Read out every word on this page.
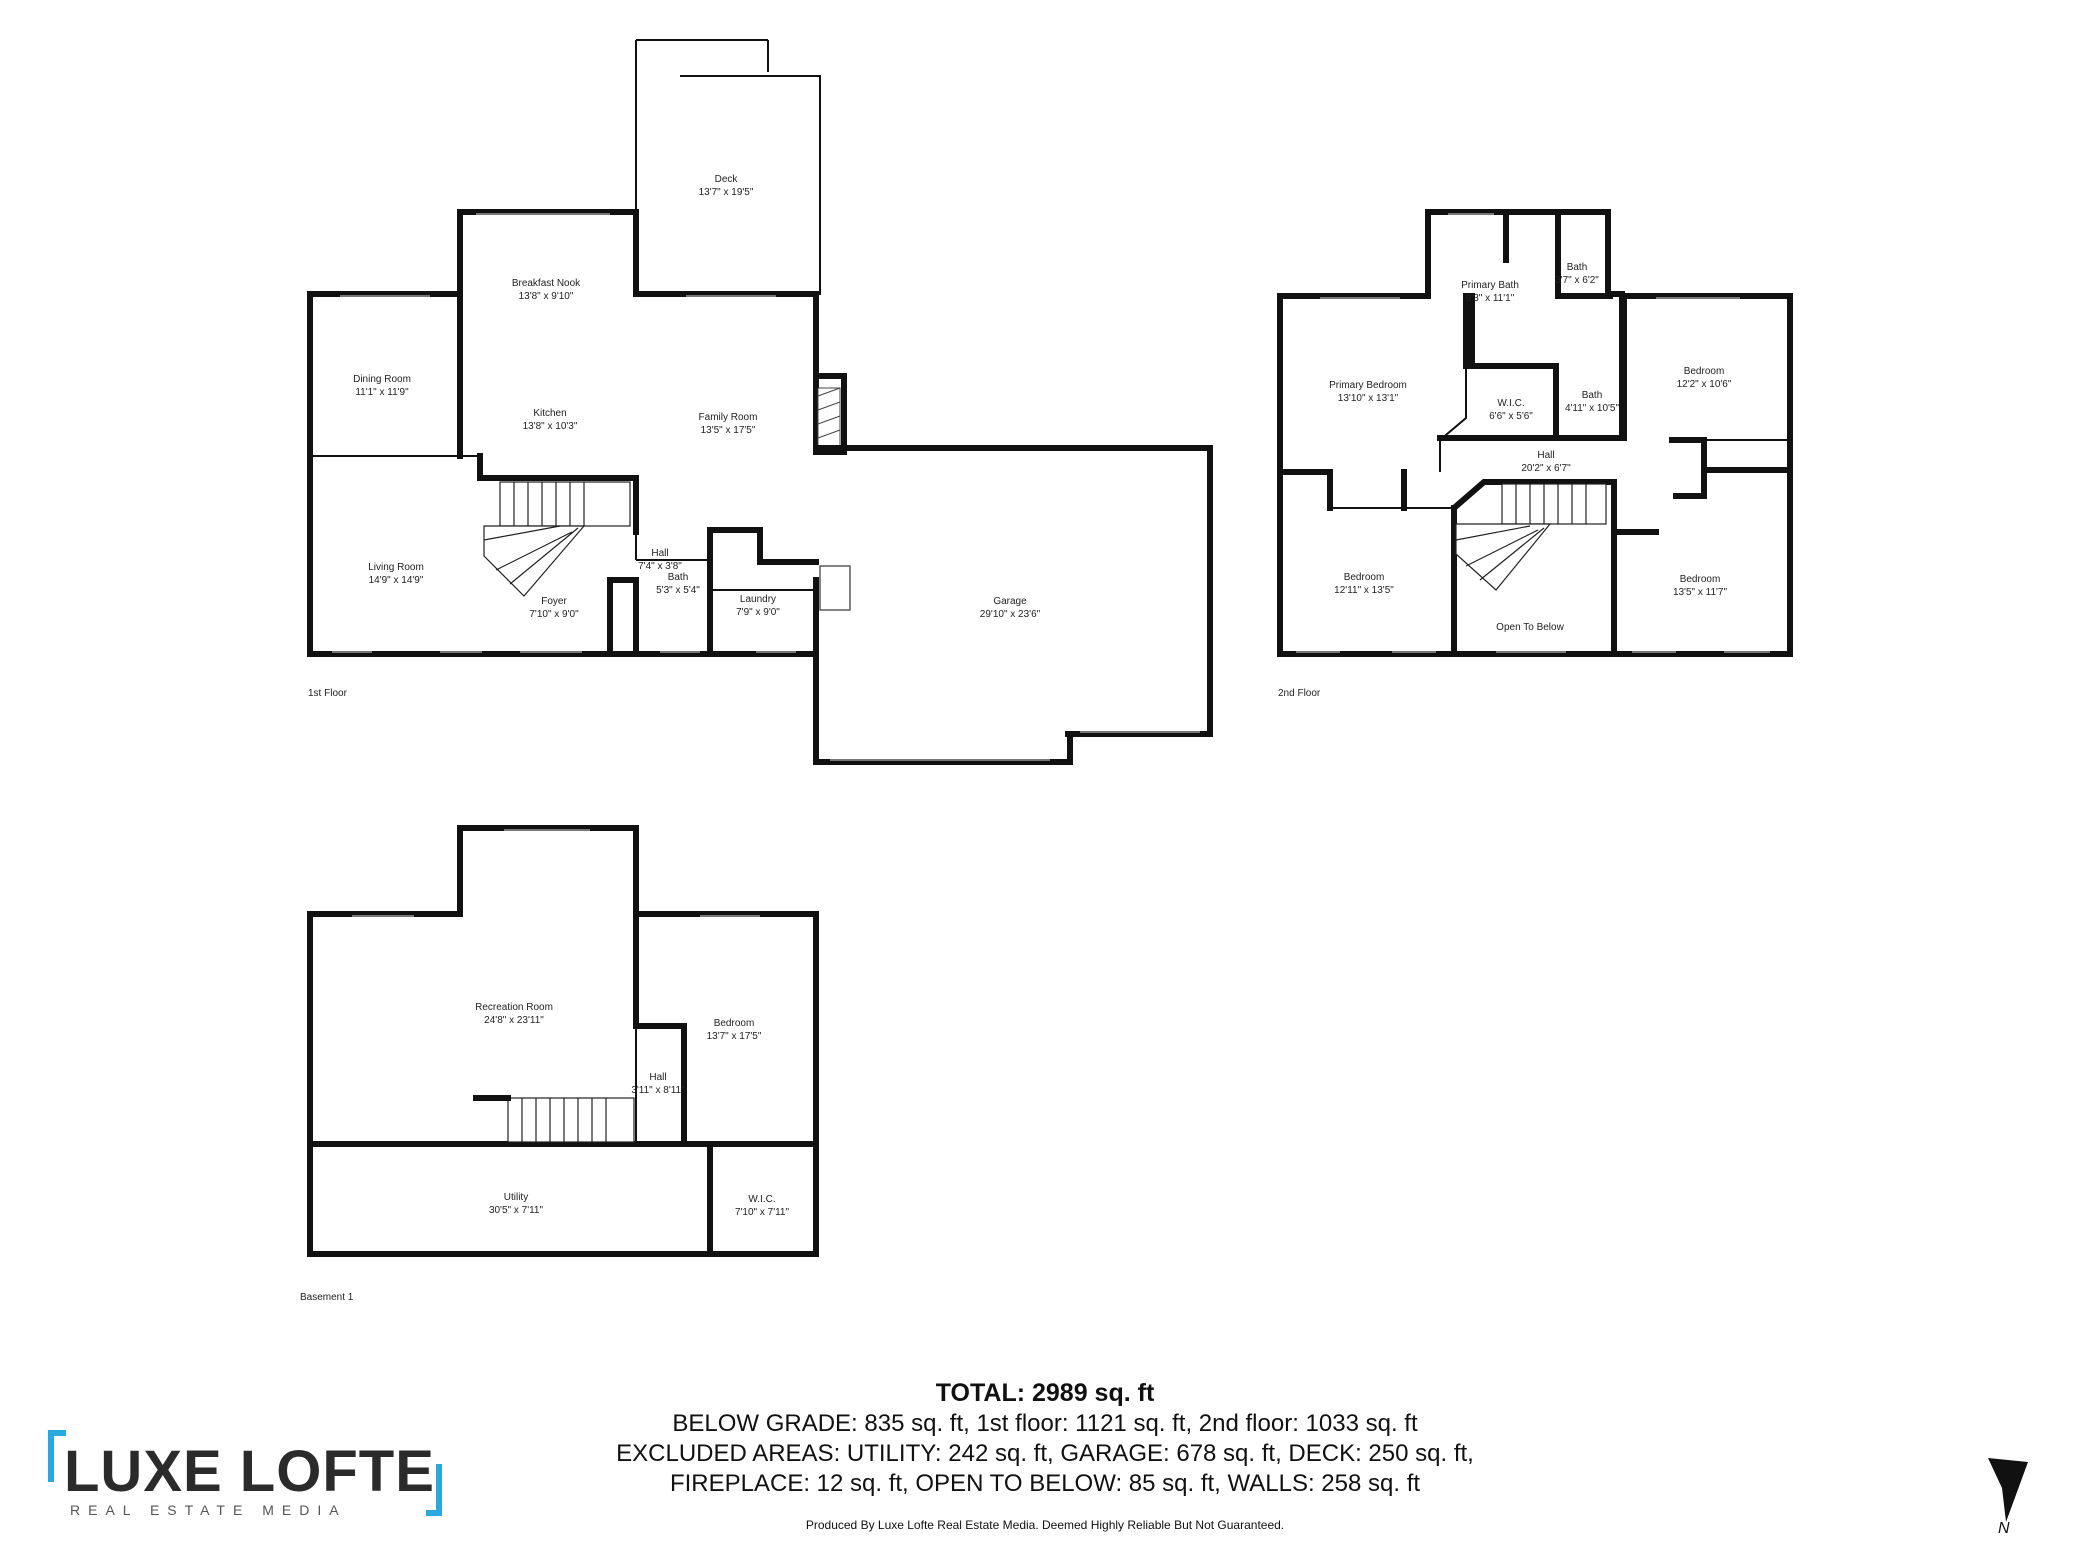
Deck
13'7" x 19'5"
Breakfast Nook
13'8" x 9'10"
Dining Room
11'1" x 11'9"
Kitchen
13'8" x 10'3"
Family Room
13'5" x 17'5"
Living Room
14'9" x 14'9"
Hall
7'4" x 3'8"
Foyer
7'10" x 9'0"
Bath
5'3" x 5'4"
Laundry
7'9" x 9'0"
Garage
29'10" x 23'6"
Primary Bath
9'3" x 11'1"
Bath
3'7" x 6'2"
Primary Bedroom
13'10" x 13'1"	W.I.C.
6'6" x 5'6"
Bath
4'11" x 10'5"
Bedroom
12'2" x 10'6"
Hall
20'2" x 6'7"
Bedroom
12'11" x 13'5"
Open To Below
Bedroom
13'5" x 11'7"
Recreation Room
24'8" x 23'11"	Bedroom
13'7" x 17'5"
Hall
3'11" x 8'11"
Utility
30'5" x 7'11"
W.I.C.
7'10" x 7'11"
1st Floor	2nd Floor
Basement 1
TOTAL: 2989 sq. ft
BELOW GRADE: 835 sq. ft, 1st floor: 1121 sq. ft, 2nd floor: 1033 sq. ft
EXCLUDED AREAS: UTILITY: 242 sq. ft, GARAGE: 678 sq. ft, DECK: 250 sq. ft,
FIREPLACE: 12 sq. ft, OPEN TO BELOW: 85 sq. ft, WALLS: 258 sq. ft
Produced By Luxe Lofte Real Estate Media. Deemed Highly Reliable But Not Guaranteed.
LUXE LOFTE
REAL ESTATE MEDIA
N
